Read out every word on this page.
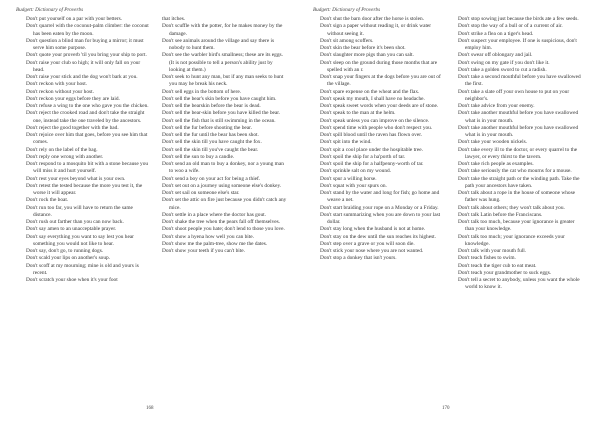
Budgett: Dictionary of Proverbs

Don't put yourself on a par with your betters.

Don't quarrel with the coconut-palm climber: the coconut has been eaten by the moon.

Don't question a blind man for buying a mirror; it must serve him some purpose.

Don't quote your proverb 'til you bring your ship to port.

Don't raise your club so high; it will only fall on your head.

Don't raise your stick and the dog won't bark at you.

Don't reckon with your host.

Don't reckon without your host.

Don't reckon your eggs before they are laid.

Don't refuse a wing to the one who gave you the chicken.

Don't reject the crooked road and don't take the straight one, instead take the one traveled by the ancestors.

Don't reject the good together with the bad.

Don't rejoice over him that goes, before you see him that comes.

Don't rely on the label of the bag.

Don't reply one wrong with another.

Don't respond to a mosquito bit with a stone because you will miss it and hurt yourself.

Don't rest your eyes beyond what is your own.

Don't retest the tested because the more you test it, the worse it will appear.

Don't rock the boat.

Don't run too far, you will have to return the same distance.

Don't rush out farther than you can now back.

Don't say amen to an unacceptable prayer.

Don't say everything you want to say lest you hear something you would not like to hear.

Don't say, don't go, to running dogs.

Don't scald your lips on another's soup.

Don't scoff at my mourning; mine is old and yours is recent.

Don't scratch your shoe when it's your foot

that itches.

Don't scuffle with the potter, for he makes money by the damage.

Don't see animals around the village and say there is nobody to hunt them.

Don't see the warbler bird's smallness; these are its eggs. (It is not possible to tell a person's ability just by looking at them.)

Don't seek to hunt any man, but if any man seeks to hunt you may he break his neck.

Don't sell eggs in the bottom of here.

Don't sell the bear's skin before you have caught him.

Don't sell the bearskin before the bear is dead.

Don't sell the bear-skin before you have killed the bear.

Don't sell the fish that is still swimming in the ocean.

Don't sell the fur before shooting the bear.

Don't sell the fur until the bear has been shot.

Don't sell the skin till you have caught the fox.

Don't sell the skin till you've caught the bear.

Don't sell the sun to buy a candle.

Don't send an old man to buy a donkey, nor a young man to woo a wife.

Don't send a boy on your act for being a thief.

Don't set out on a journey using someone else's donkey.

Don't set sail on someone else's star.

Don't set the attic on fire just because you didn't catch any mice.

Don't settle in a place where the doctor has gout.

Don't shake the tree when the pears fall off themselves.

Don't shoot people you hate; don't lend to those you love.

Don't show a hyena how well you can bite.

Don't show me the palm-tree, show me the dates.

Don't show your teeth if you can't bite.

168
Budgett: Dictionary of Proverbs

Don't shut the barn door after the horse is stolen.

Don't sign a paper without reading it, or drink water without seeing it.

Don't sit among scoffers.

Don't skin the bear before it's been shot.

Don't slaughter more pigs than you can salt.

Don't sleep on the ground during those months that are spelled with an r.

Don't snap your fingers at the dogs before you are out of the village.

Don't spare expense on the wheat and the flax.

Don't speak my mouth, I shall have no headache.

Don't speak sweet words when your deeds are of stone.

Don't speak to the man at the helm.

Don't speak unless you can improve on the silence.

Don't spend time with people who don't respect you.

Don't spill blood until the raven has flown over.

Don't spit into the wind.

Don't spit a cool place under the hospitable tree.

Don't spoil the ship for a ha'porth of tar.

Don't spoil the ship for a halfpenny-worth of tar.

Don't sprinkle salt on my wound.

Don't spur a willing horse.

Don't squat with your spurs on.

Don't stand by the water and long for fish; go home and weave a net.

Don't start braiding your rope on a Monday or a Friday.

Don't start summarizing when you are down to your last dollar.

Don't stay long when the husband is not at home.

Don't stay on the dew until the sun reaches its highest.

Don't step over a grave or you will soon die.

Don't stick your nose where you are not wanted.

Don't stop a donkey that isn't yours.

Don't stop sowing just because the birds ate a few seeds.

Don't stop the way of a bull or of a current of air.

Don't strike a flea on a tiger's head.

Don't suspect your employee. If one is suspicious, don't employ him.

Don't swear off oblongary and jail.

Don't swing on my gate if you don't like it.

Don't take a golden sword to cut a radish.

Don't take a second mouthful before you have swallowed the first.

Don't take a slate off your own house to put on your neighbor's.

Don't take advice from your enemy.

Don't take another mouthful before you have swallowed what is in your mouth.

Don't take another mouthful before you have swallowed what is in your mouth.

Don't take your wooden nickels.

Don't take every ill to the doctor, or every quarrel to the lawyer, or every thirst to the tavern.

Don't take rich people as examples.

Don't take seriously the cat who mourns for a mouse.

Don't take the straight path or the winding path. Take the path your ancestors have taken.

Don't talk about a rope in the house of someone whose father was hung.

Don't talk about others; they won't talk about you.

Don't talk Latin before the Franciscans.

Don't talk too much, because your ignorance is greater than your knowledge.

Don't talk too much; your ignorance exceeds your knowledge.

Don't talk with your mouth full.

Don't teach fishes to swim.

Don't teach the tiger cub to eat meat.

Don't teach your grandmother to suck eggs.

Don't tell a secret to anybody, unless you want the whole world to know it.

170
